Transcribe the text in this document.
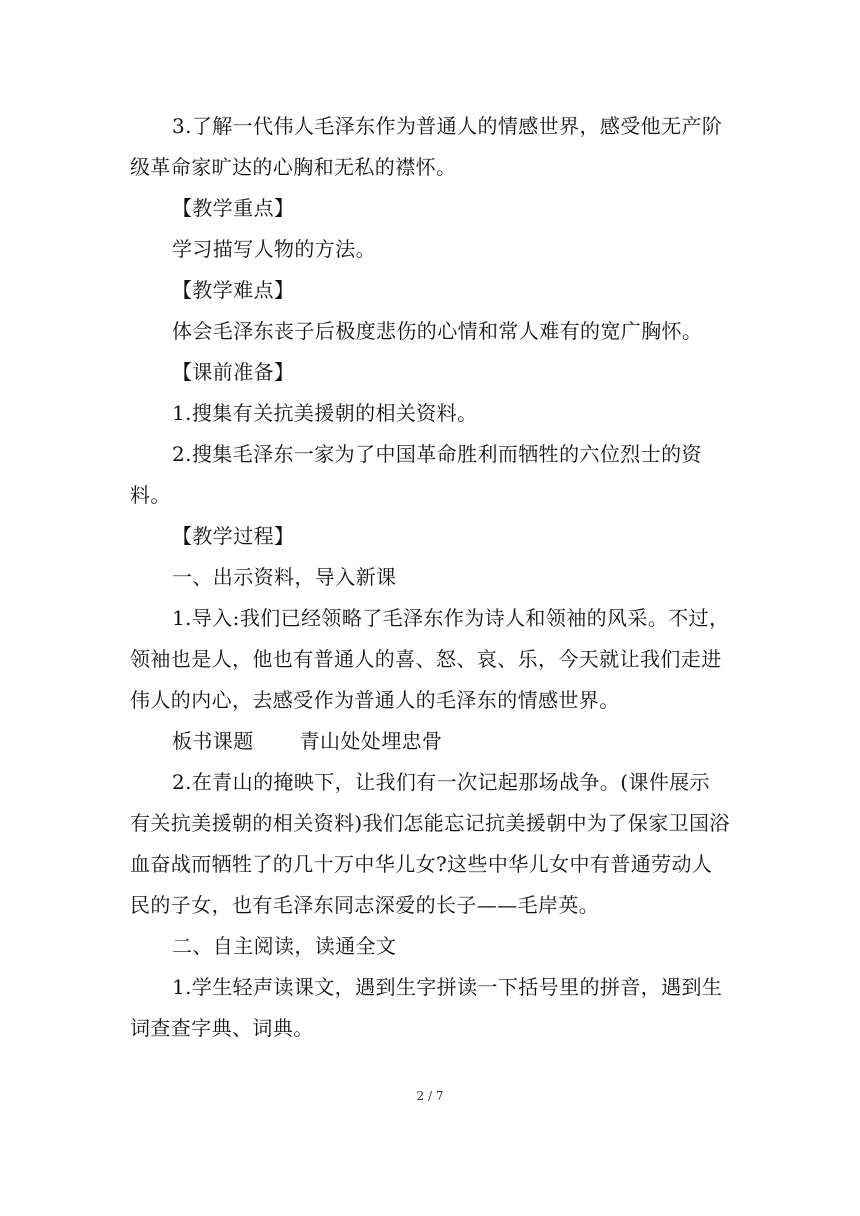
3.了解一代伟人毛泽东作为普通人的情感世界，感受他无产阶级革命家旷达的心胸和无私的襟怀。

【教学重点】

学习描写人物的方法。

【教学难点】

体会毛泽东丧子后极度悲伤的心情和常人难有的宽广胸怀。

【课前准备】

1.搜集有关抗美援朝的相关资料。

2.搜集毛泽东一家为了中国革命胜利而牺牲的六位烈士的资料。

【教学过程】

一、出示资料，导入新课

1.导入:我们已经领略了毛泽东作为诗人和领袖的风采。不过，领袖也是人，他也有普通人的喜、怒、哀、乐，今天就让我们走进伟人的内心，去感受作为普通人的毛泽东的情感世界。

板书课题 青山处处埋忠骨

2.在青山的掩映下，让我们有一次记起那场战争。(课件展示有关抗美援朝的相关资料)我们怎能忘记抗美援朝中为了保家卫国浴血奋战而牺牲了的几十万中华儿女?这些中华儿女中有普通劳动人民的子女，也有毛泽东同志深爱的长子——毛岸英。

二、自主阅读，读通全文

1.学生轻声读课文，遇到生字拼读一下括号里的拼音，遇到生词查查字典、词典。

2 / 7
